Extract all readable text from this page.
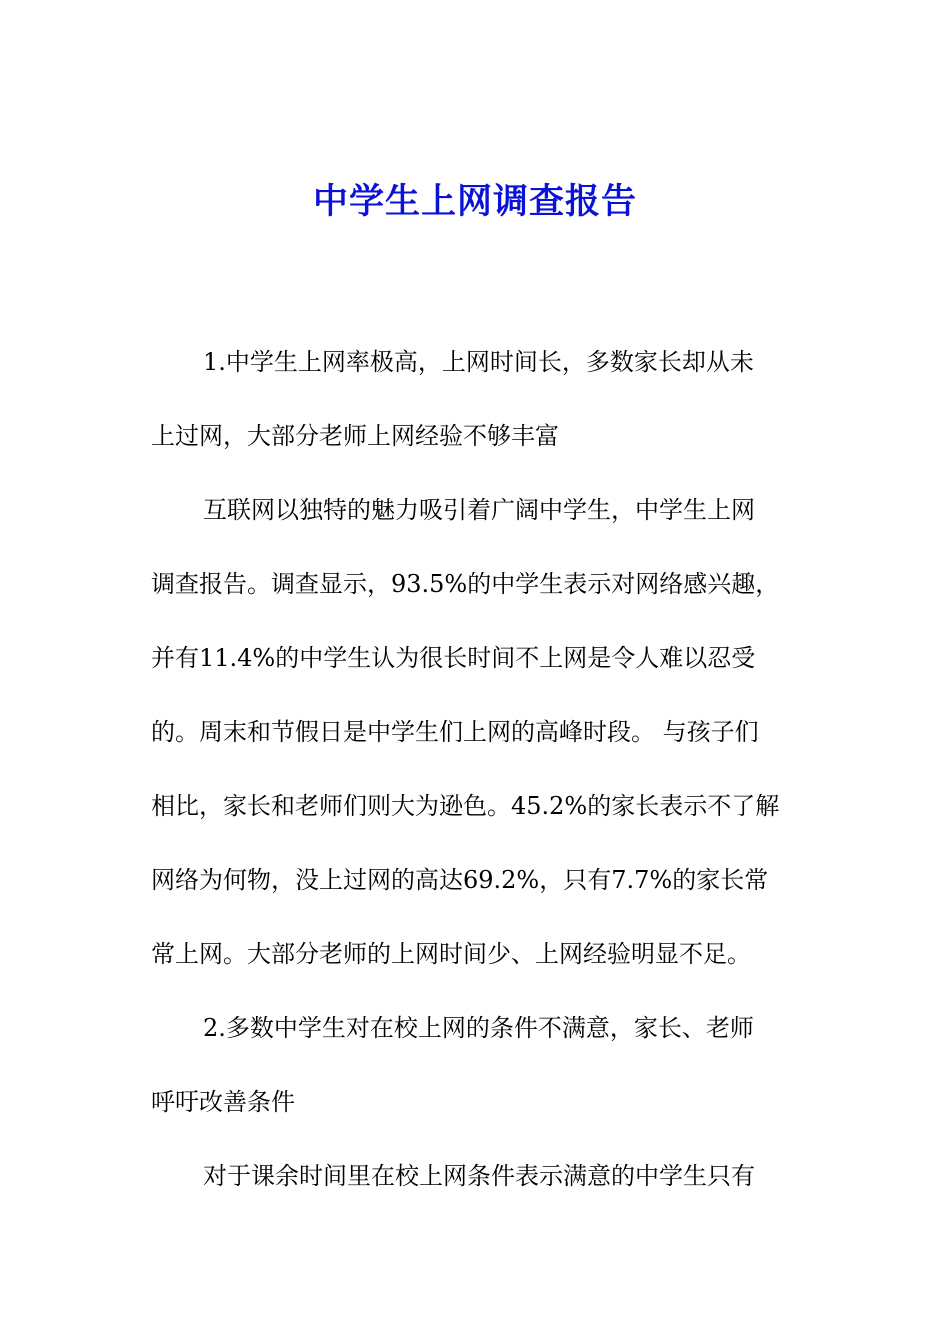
中学生上网调查报告

1.中学生上网率极高，上网时间长，多数家长却从未
上过网，大部分老师上网经验不够丰富

互联网以独特的魅力吸引着广阔中学生，中学生上网
调查报告。调查显示，93.5%的中学生表示对网络感兴趣，
并有11.4%的中学生认为很长时间不上网是令人难以忍受
的。周末和节假日是中学生们上网的高峰时段。 与孩子们
相比，家长和老师们则大为逊色。45.2%的家长表示不了解
网络为何物，没上过网的高达69.2%，只有7.7%的家长常
常上网。大部分老师的上网时间少、上网经验明显不足。

2.多数中学生对在校上网的条件不满意，家长、老师
呼吁改善条件

对于课余时间里在校上网条件表示满意的中学生只有
